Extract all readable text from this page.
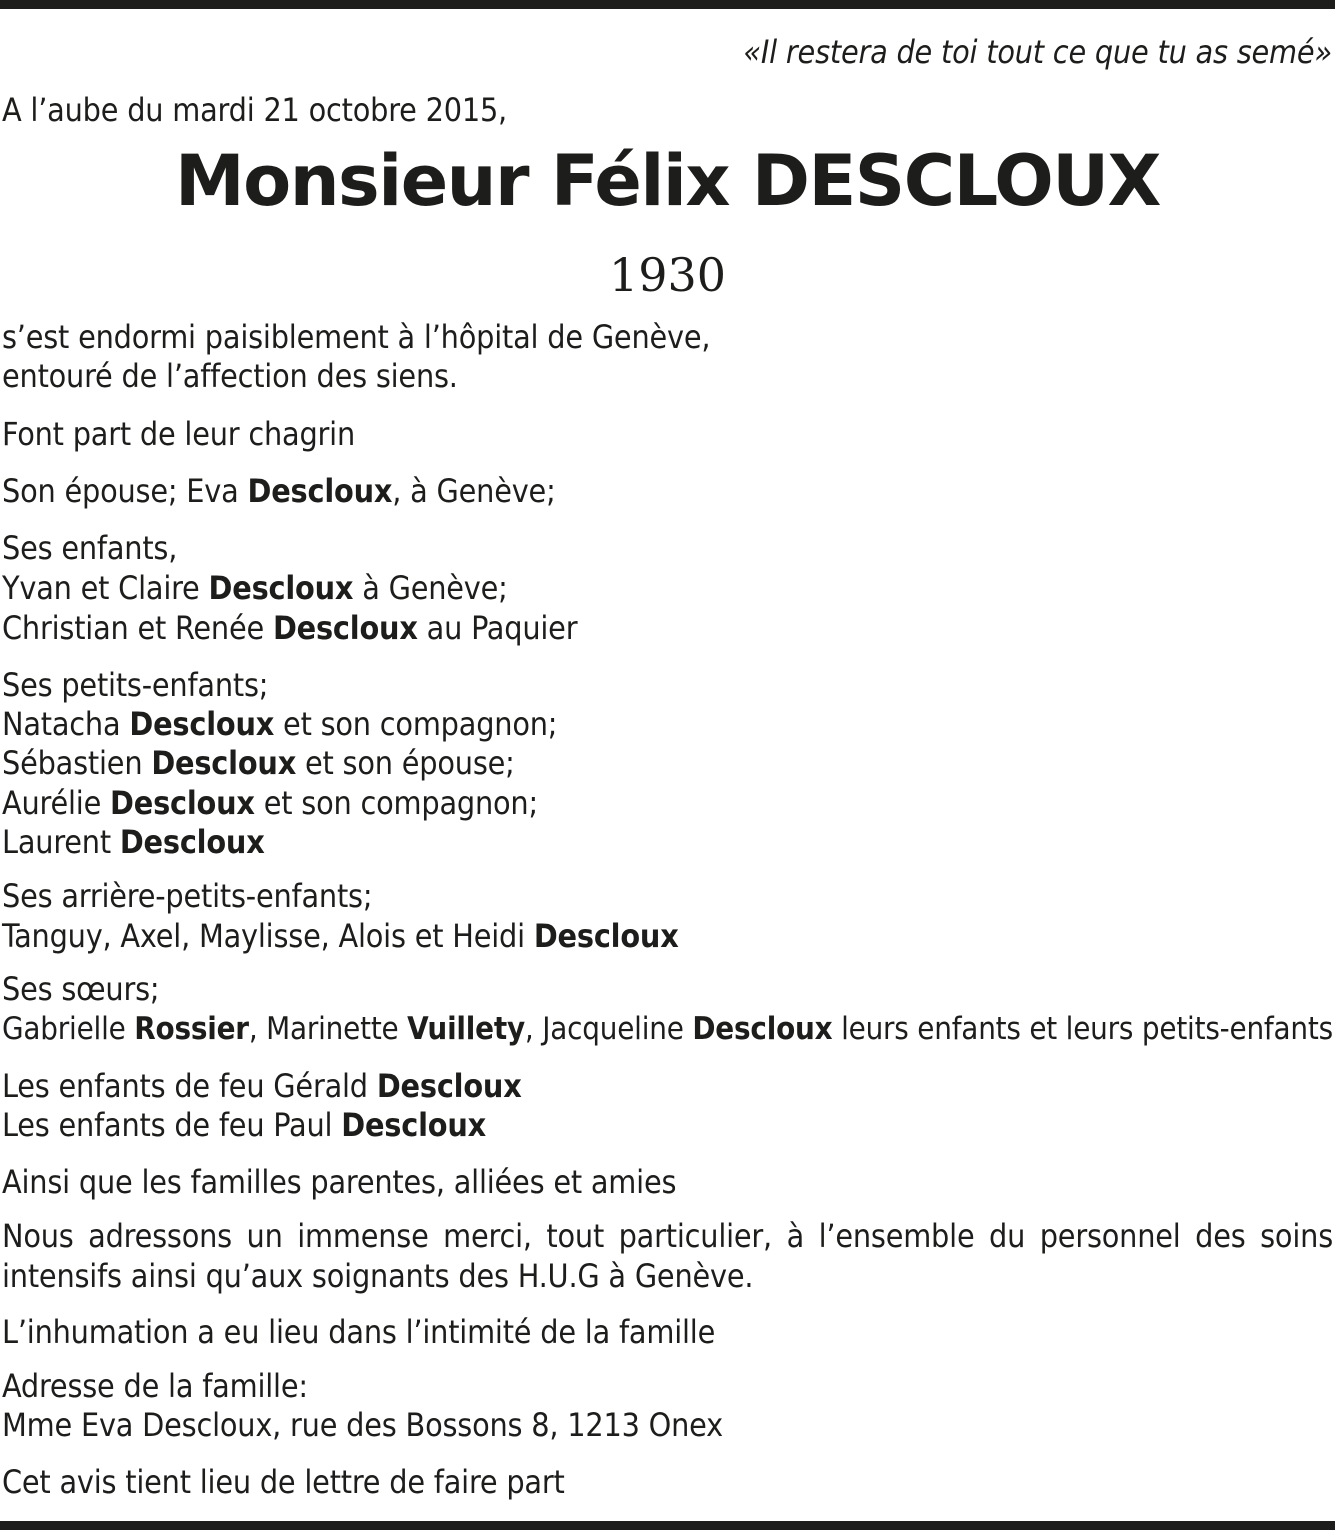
«Il restera de toi tout ce que tu as semé»
A l’aube du mardi 21 octobre 2015,
Monsieur Félix DESCLOUX
1930
s’est endormi paisiblement à l’hôpital de Genève,
entouré de l’affection des siens.
Font part de leur chagrin
Son épouse; Eva Descloux, à Genève;
Ses enfants,
Yvan et Claire Descloux à Genève;
Christian et Renée Descloux au Paquier
Ses petits-enfants;
Natacha Descloux et son compagnon;
Sébastien Descloux et son épouse;
Aurélie Descloux et son compagnon;
Laurent Descloux
Ses arrière-petits-enfants;
Tanguy, Axel, Maylisse, Alois et Heidi Descloux
Ses sœurs;
Gabrielle Rossier, Marinette Vuillety, Jacqueline Descloux leurs enfants et leurs petits-enfants
Les enfants de feu Gérald Descloux
Les enfants de feu Paul Descloux
Ainsi que les familles parentes, alliées et amies
Nous adressons un immense merci, tout particulier, à l’ensemble du personnel des soins intensifs ainsi qu’aux soignants des H.U.G à Genève.
L’inhumation a eu lieu dans l’intimité de la famille
Adresse de la famille:
Mme Eva Descloux, rue des Bossons 8, 1213 Onex
Cet avis tient lieu de lettre de faire part
